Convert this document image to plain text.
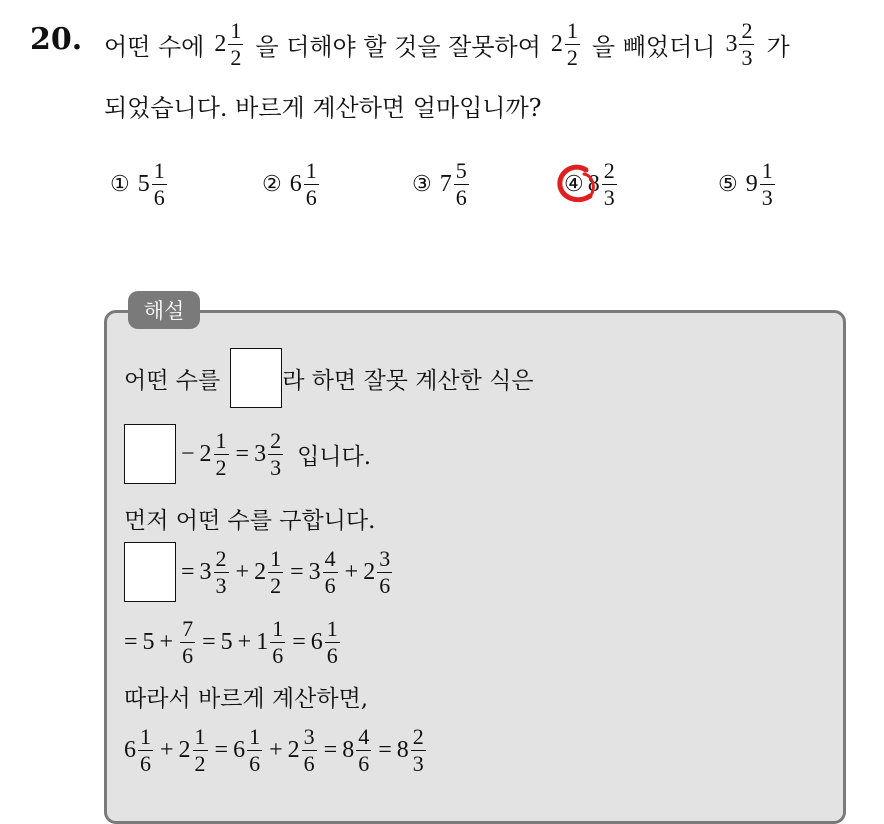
20. 어떤 수에 $2 \frac{1}{2}$ 을 더해야 할 것을 잘못하여 $2 \frac{1}{2}$ 을 빼었더니 $3 \frac{2}{3}$ 가
되었습니다. 바르게 계산하면 얼마입니까?
① $5 \frac{1}{6}$	② $6 \frac{1}{6}$	③ $7 \frac{5}{6}$	④ $8 \frac{2}{3}$	⑤ $9 \frac{1}{3}$
해설
어떤 수를	라 하면 잘못 계산한 식은
− $2 \frac{1}{2} = 3 \frac{2}{3}$ 입니다.
먼저 어떤 수를 구합니다.
= $3 \frac{2}{3} + 2 \frac{1}{2} = 3 \frac{4}{6} + 2 \frac{3}{6}$
= $5 + \frac{7}{6} = 5 + 1 \frac{1}{6} = 6 \frac{1}{6}$
따라서 바르게 계산하면,
$6 \frac{1}{6} + 2 \frac{1}{2} = 6 \frac{1}{6} + 2 \frac{3}{6} = 8 \frac{4}{6} = 8 \frac{2}{3}$
